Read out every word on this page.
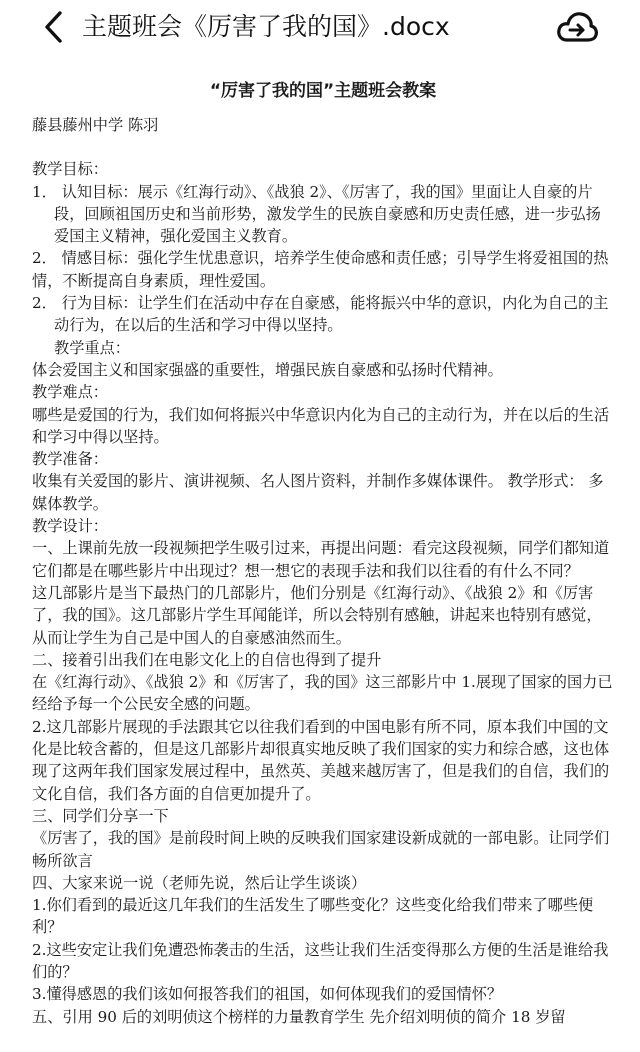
主题班会《厉害了我的国》.docx
“厉害了我的国”主题班会教案

藤县藤州中学 陈羽

教学目标：

1． 认知目标：展示《红海行动》、《战狼 2》、《厉害了，我的国》里面让人自豪的片段，回顾祖国历史和当前形势，激发学生的民族自豪感和历史责任感，进一步弘扬爱国主义精神，强化爱国主义教育。

2． 情感目标：强化学生忧患意识，培养学生使命感和责任感；引导学生将爱祖国的热情，不断提高自身素质，理性爱国。

2． 行为目标：让学生们在活动中存在自豪感，能将振兴中华的意识，内化为自己的主动行为，在以后的生活和学习中得以坚持。

教学重点：

体会爱国主义和国家强盛的重要性，增强民族自豪感和弘扬时代精神。

教学难点：

哪些是爱国的行为，我们如何将振兴中华意识内化为自己的主动行为，并在以后的生活和学习中得以坚持。

教学准备：

收集有关爱国的影片、演讲视频、名人图片资料，并制作多媒体课件。 教学形式： 多媒体教学。

教学设计：

一、上课前先放一段视频把学生吸引过来，再提出问题：看完这段视频，同学们都知道它们都是在哪些影片中出现过？想一想它的表现手法和我们以往看的有什么不同？

这几部影片是当下最热门的几部影片，他们分别是《红海行动》、《战狼 2》和《厉害了，我的国》。这几部影片学生耳闻能详，所以会特别有感触，讲起来也特别有感觉，从而让学生为自己是中国人的自豪感油然而生。

二、接着引出我们在电影文化上的自信也得到了提升

在《红海行动》、《战狼 2》和《厉害了，我的国》这三部影片中 1.展现了国家的国力已经给予每一个公民安全感的问题。

2.这几部影片展现的手法跟其它以往我们看到的中国电影有所不同，原本我们中国的文化是比较含蓄的，但是这几部影片却很真实地反映了我们国家的实力和综合感，这也体现了这两年我们国家发展过程中，虽然英、美越来越厉害了，但是我们的自信，我们的文化自信，我们各方面的自信更加提升了。

三、同学们分享一下

《厉害了，我的国》是前段时间上映的反映我们国家建设新成就的一部电影。让同学们畅所欲言

四、大家来说一说（老师先说，然后让学生谈谈）

1.你们看到的最近这几年我们的生活发生了哪些变化？这些变化给我们带来了哪些便利？

2.这些安定让我们免遭恐怖袭击的生活，这些让我们生活变得那么方便的生活是谁给我们的？

3.懂得感恩的我们该如何报答我们的祖国，如何体现我们的爱国情怀？

五、引用 90 后的刘明侦这个榜样的力量教育学生 先介绍刘明侦的简介 18 岁留
